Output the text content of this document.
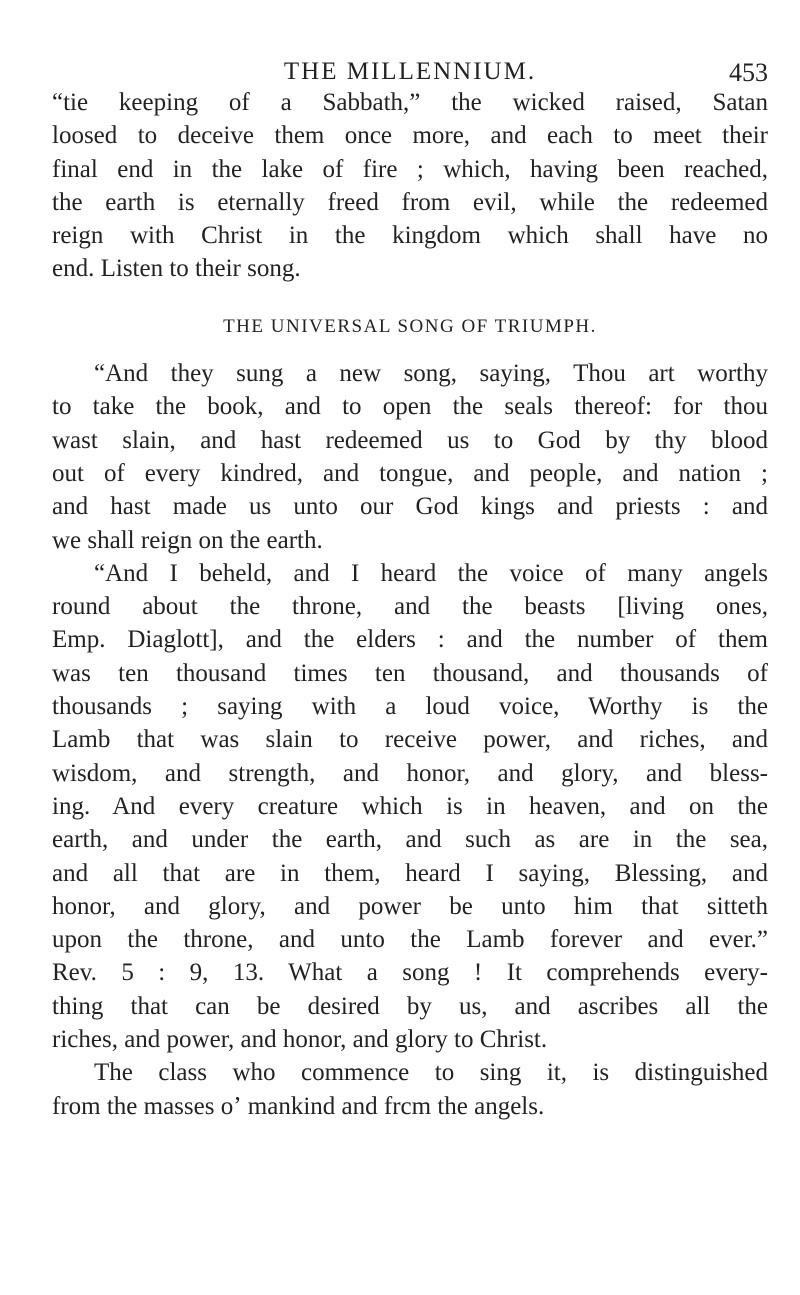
THE MILLENNIUM.	453
“tie keeping of a Sabbath,” the wicked raised, Satan
loosed to deceive them once more, and each to meet their
final end in the lake of fire ; which, having been reached,
the earth is eternally freed from evil, while the redeemed
reign with Christ in the kingdom which shall have no
end. Listen to their song.
THE UNIVERSAL SONG OF TRIUMPH.
“And they sung a new song, saying, Thou art worthy
to take the book, and to open the seals thereof: for thou
wast slain, and hast redeemed us to God by thy blood
out of every kindred, and tongue, and people, and nation ;
and hast made us unto our God kings and priests : and
we shall reign on the earth.
“And I beheld, and I heard the voice of many angels
round about the throne, and the beasts [living ones,
Emp. Diaglott], and the elders : and the number of them
was ten thousand times ten thousand, and thousands of
thousands ; saying with a loud voice, Worthy is the
Lamb that was slain to receive power, and riches, and
wisdom, and strength, and honor, and glory, and bless-
ing. And every creature which is in heaven, and on the
earth, and under the earth, and such as are in the sea,
and all that are in them, heard I saying, Blessing, and
honor, and glory, and power be unto him that sitteth
upon the throne, and unto the Lamb forever and ever.”
Rev. 5 : 9, 13. What a song ! It comprehends every-
thing that can be desired by us, and ascribes all the
riches, and power, and honor, and glory to Christ.
The class who commence to sing it, is distinguished
from the masses oʼ mankind and frcm the angels.
